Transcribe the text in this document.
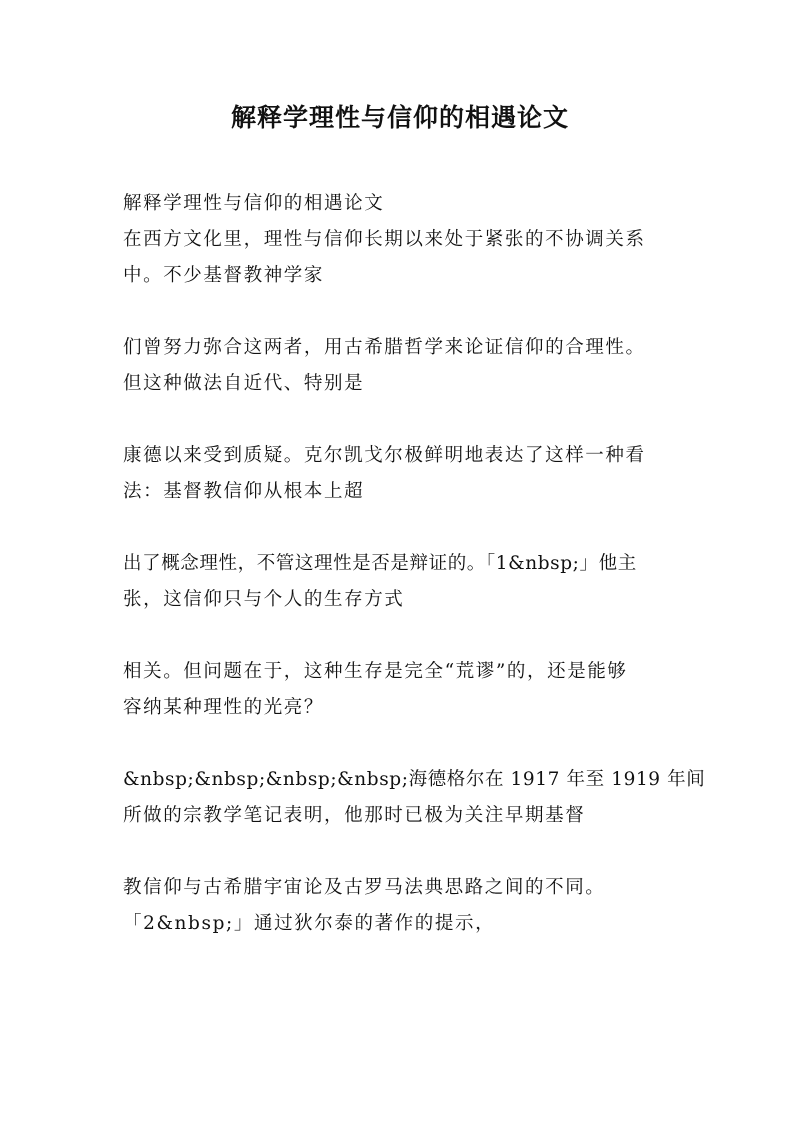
解释学理性与信仰的相遇论文

解释学理性与信仰的相遇论文
在西方文化里，理性与信仰长期以来处于紧张的不协调关系
中。不少基督教神学家

们曾努力弥合这两者，用古希腊哲学来论证信仰的合理性。
但这种做法自近代、特别是

康德以来受到质疑。克尔凯戈尔极鲜明地表达了这样一种看
法：基督教信仰从根本上超

出了概念理性，不管这理性是否是辩证的。「1&nbsp;」他主
张，这信仰只与个人的生存方式

相关。但问题在于，这种生存是完全“荒谬”的，还是能够
容纳某种理性的光亮？

&nbsp;&nbsp;&nbsp;&nbsp;海德格尔在 1917 年至 1919 年间
所做的宗教学笔记表明，他那时已极为关注早期基督

教信仰与古希腊宇宙论及古罗马法典思路之间的不同。
「2&nbsp;」通过狄尔泰的著作的提示，
